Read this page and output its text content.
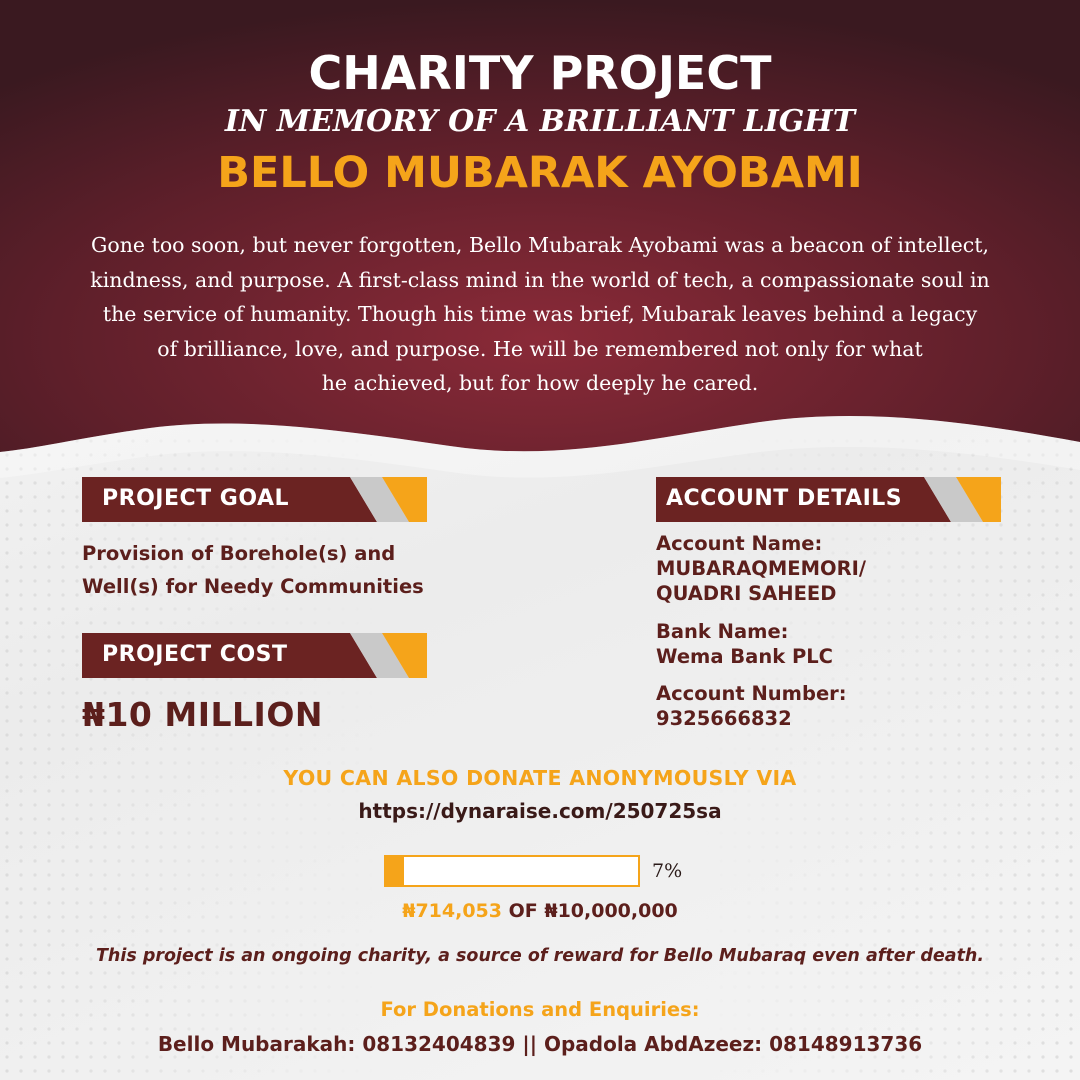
CHARITY PROJECT
IN MEMORY OF A BRILLIANT LIGHT
BELLO MUBARAK AYOBAMI
Gone too soon, but never forgotten, Bello Mubarak Ayobami was a beacon of intellect,
kindness, and purpose. A first-class mind in the world of tech, a compassionate soul in
the service of humanity. Though his time was brief, Mubarak leaves behind a legacy
of brilliance, love, and purpose. He will be remembered not only for what
he achieved, but for how deeply he cared.
PROJECT GOAL
Provision of Borehole(s) and
Well(s) for Needy Communities
PROJECT COST
₦10 MILLION
ACCOUNT DETAILS
Account Name:
MUBARAQMEMORI/
QUADRI SAHEED
Bank Name:
Wema Bank PLC
Account Number:
9325666832
YOU CAN ALSO DONATE ANONYMOUSLY VIA
https://dynaraise.com/250725sa
7%
₦714,053 OF ₦10,000,000
This project is an ongoing charity, a source of reward for Bello Mubaraq even after death.
For Donations and Enquiries:
Bello Mubarakah: 08132404839 || Opadola AbdAzeez: 08148913736
